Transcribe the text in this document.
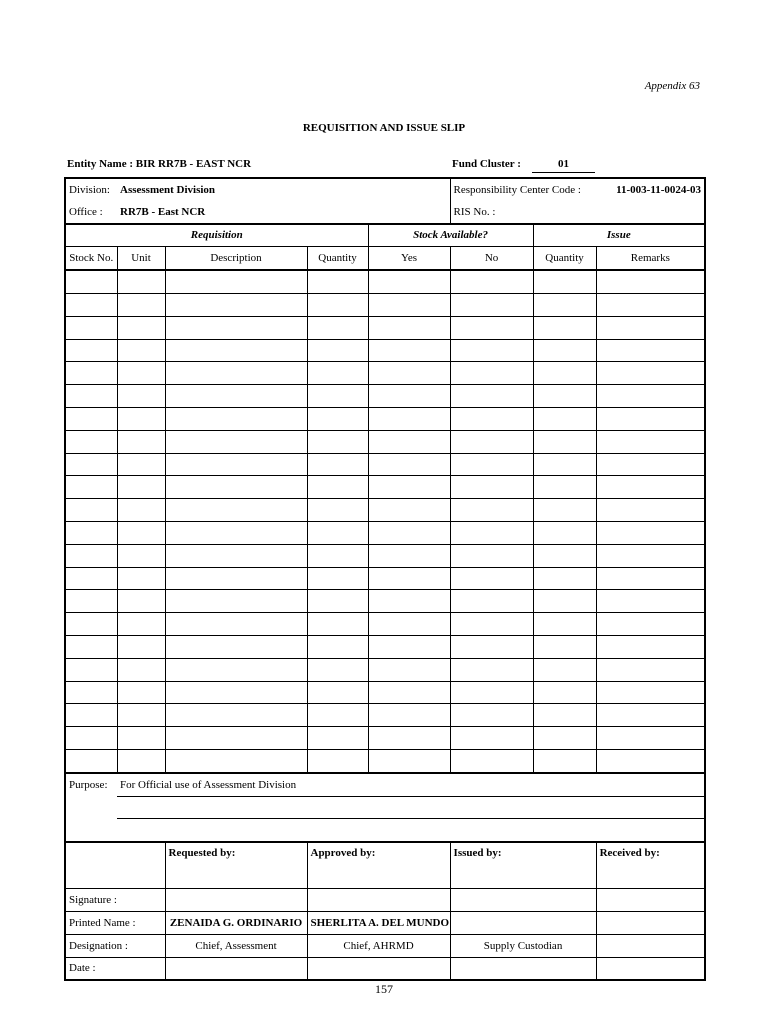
Appendix 63
REQUISITION AND ISSUE SLIP
Entity Name : BIR RR7B - EAST NCR	Fund Cluster :	01
Division:	Assessment Division				Responsibility Center Code :		11-003-11-0024-03
Office :	RR7B - East NCR				RIS No. :		
Requisition				Stock Available?		Issue	
Stock No.	Unit	Description	Quantity	Yes	No	Quantity	Remarks

Purpose:	For Official use of Assessment Division						

		Requested by:	Approved by:		Issued by:		Received by:
Signature :							
Printed Name :		ZENAIDA G. ORDINARIO	SHERLITA A. DEL MUNDO				
Designation :		Chief, Assessment	Chief, AHRMD		Supply Custodian		
Date :							
157
